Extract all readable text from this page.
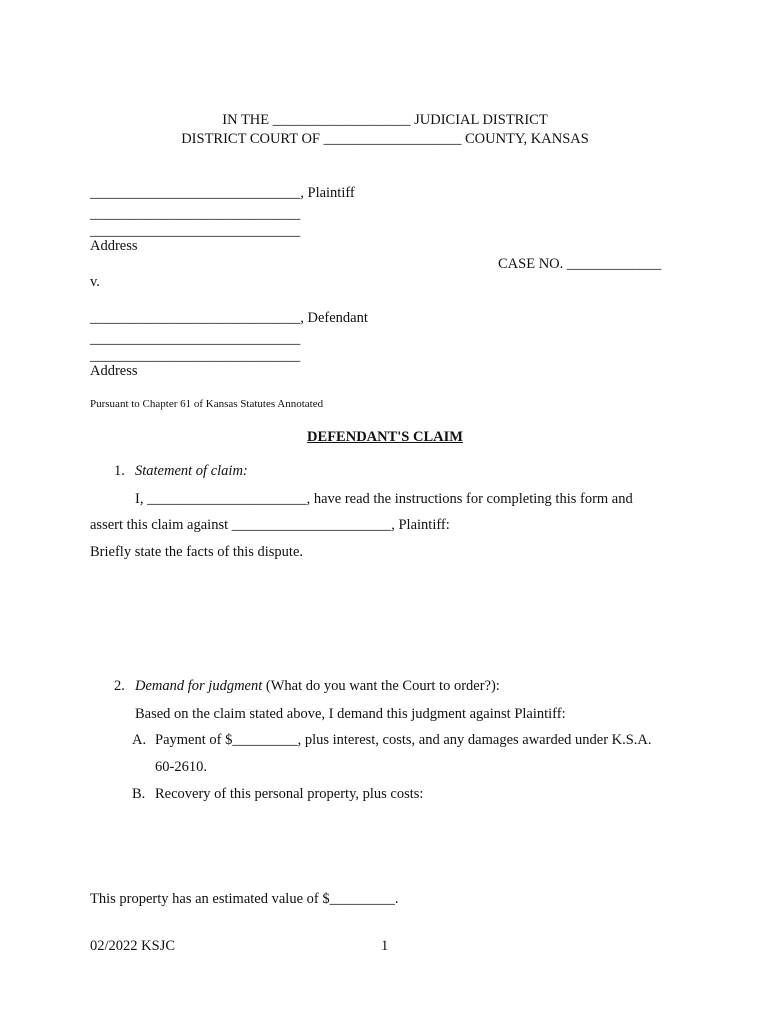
IN THE ___________________ JUDICIAL DISTRICT
DISTRICT COURT OF ___________________ COUNTY, KANSAS
_____________________________, Plaintiff
_____________________________
_____________________________
Address
CASE NO. _____________
v.
_____________________________, Defendant
_____________________________
_____________________________
Address
Pursuant to Chapter 61 of Kansas Statutes Annotated
DEFENDANT'S CLAIM
1. Statement of claim:
I, ______________________, have read the instructions for completing this form and
assert this claim against ______________________, Plaintiff:
Briefly state the facts of this dispute.
2. Demand for judgment (What do you want the Court to order?):
Based on the claim stated above, I demand this judgment against Plaintiff:
A. Payment of $_________, plus interest, costs, and any damages awarded under K.S.A.
60-2610.
B. Recovery of this personal property, plus costs:
This property has an estimated value of $_________.
02/2022 KSJC	1
